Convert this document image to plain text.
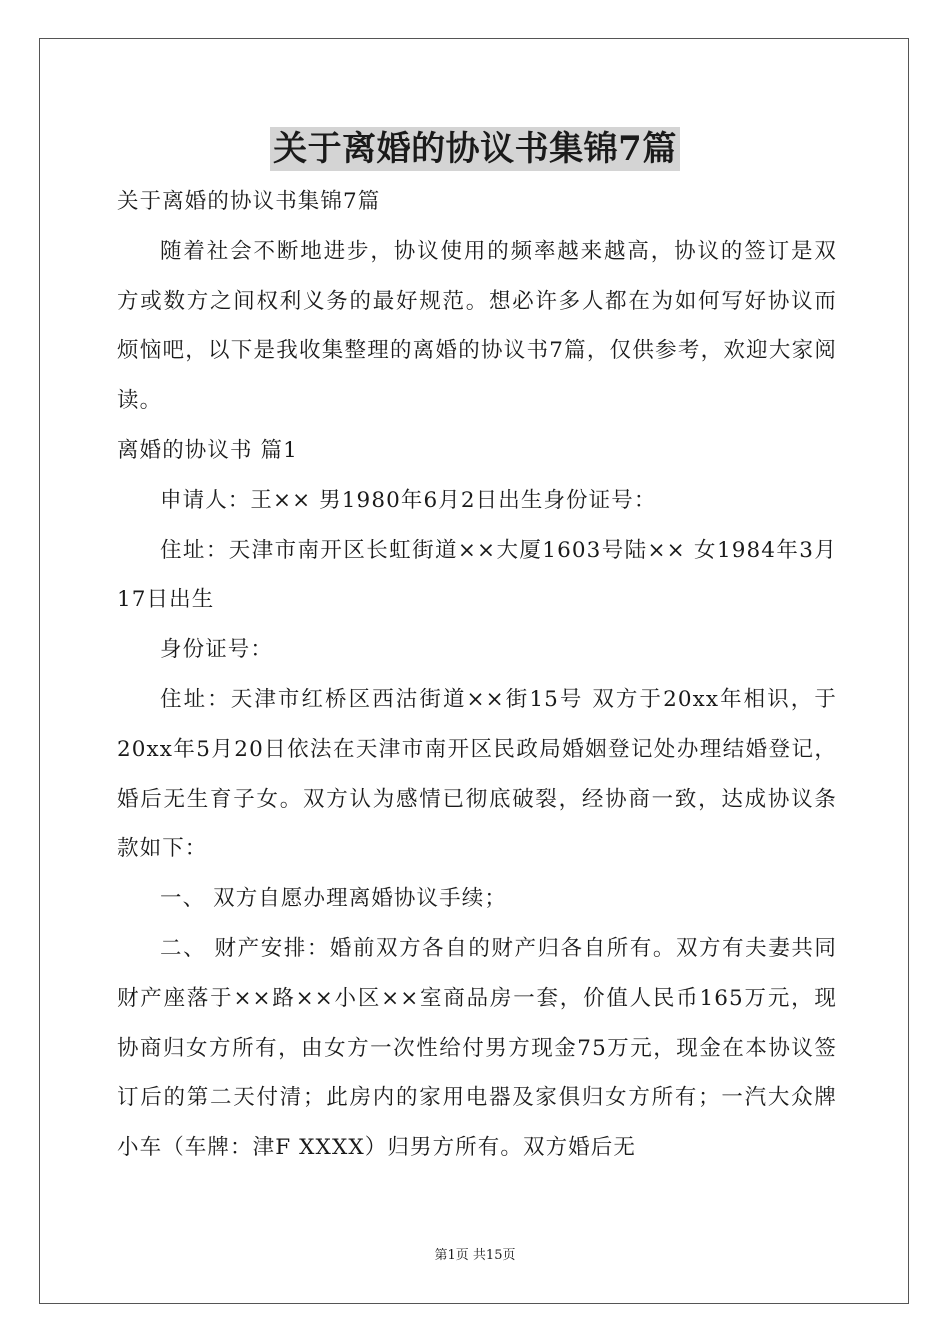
关于离婚的协议书集锦7篇

关于离婚的协议书集锦7篇

随着社会不断地进步，协议使用的频率越来越高，协议的签订是双方或数方之间权利义务的最好规范。想必许多人都在为如何写好协议而烦恼吧，以下是我收集整理的离婚的协议书7篇，仅供参考，欢迎大家阅读。

离婚的协议书 篇1

申请人：王×× 男1980年6月2日出生身份证号：

住址：天津市南开区长虹街道××大厦1603号陆×× 女1984年3月17日出生

身份证号：

住址：天津市红桥区西沽街道××街15号 双方于20xx年相识，于20xx年5月20日依法在天津市南开区民政局婚姻登记处办理结婚登记，婚后无生育子女。双方认为感情已彻底破裂，经协商一致，达成协议条款如下：

一、 双方自愿办理离婚协议手续；

二、 财产安排：婚前双方各自的财产归各自所有。双方有夫妻共同财产座落于××路××小区××室商品房一套，价值人民币165万元，现协商归女方所有，由女方一次性给付男方现金75万元，现金在本协议签订后的第二天付清；此房内的家用电器及家俱归女方所有；一汽大众牌小车（车牌：津F XXXX）归男方所有。双方婚后无

第1页 共15页
